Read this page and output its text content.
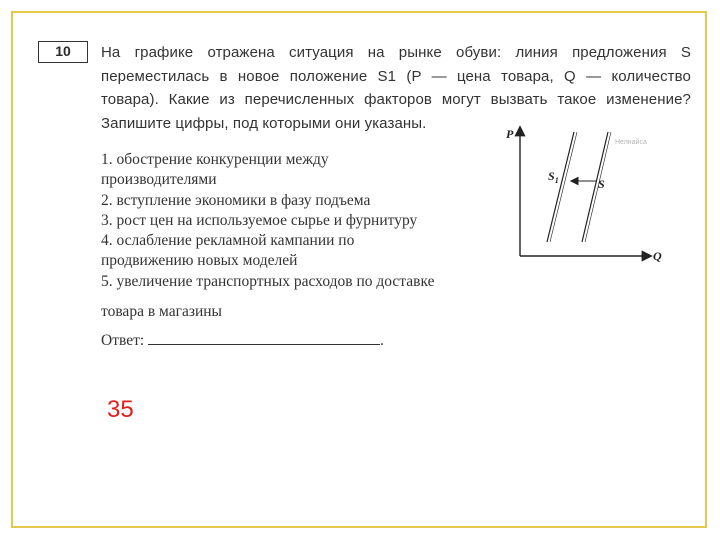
10	На графике отражена ситуация на рынке обуви: линия предложения S
переместилась в новое положение S1 (P — цена товара, Q — количество
товара). Какие из перечисленных факторов могут вызвать такое изменение?
Запишите цифры, под которыми они указаны.
1. обострение конкуренции между
производителями
2. вступление экономики в фазу подъема
3. рост цен на используемое сырье и фурнитуру
4. ослабление рекламной кампании по
продвижению новых моделей
5. увеличение транспортных расходов по доставке
товара в магазины
Ответ:	.
35
P
Q
Нелнайса
$S_1$	S
